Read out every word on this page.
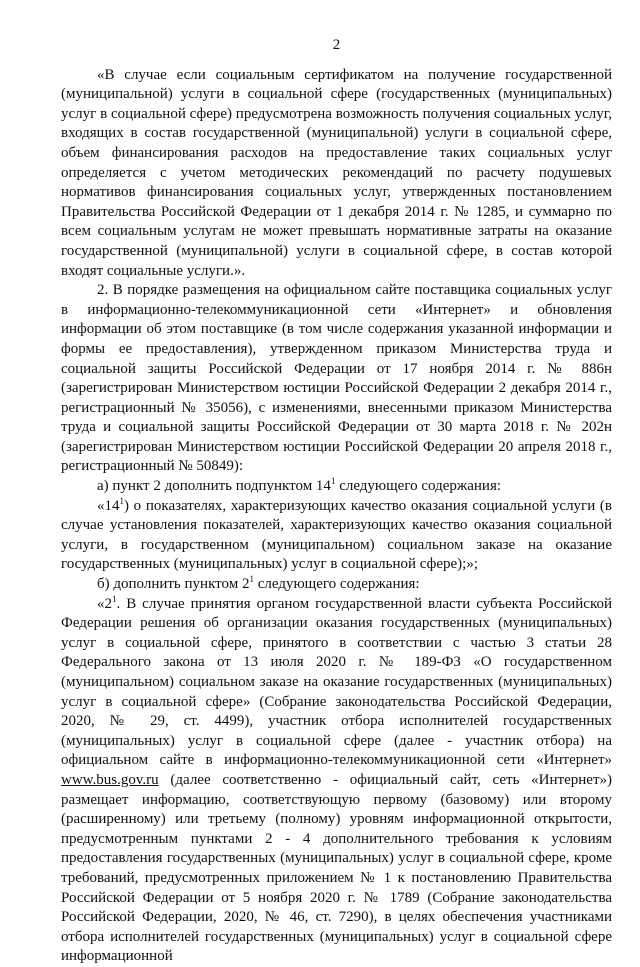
2

«В случае если социальным сертификатом на получение государственной (муниципальной) услуги в социальной сфере (государственных (муниципальных) услуг в социальной сфере) предусмотрена возможность получения социальных услуг, входящих в состав государственной (муниципальной) услуги в социальной сфере, объем финансирования расходов на предоставление таких социальных услуг определяется с учетом методических рекомендаций по расчету подушевых нормативов финансирования социальных услуг, утвержденных постановлением Правительства Российской Федерации от 1 декабря 2014 г. № 1285, и суммарно по всем социальным услугам не может превышать нормативные затраты на оказание государственной (муниципальной) услуги в социальной сфере, в состав которой входят социальные услуги.».

2. В порядке размещения на официальном сайте поставщика социальных услуг в информационно-телекоммуникационной сети «Интернет» и обновления информации об этом поставщике (в том числе содержания указанной информации и формы ее предоставления), утвержденном приказом Министерства труда и социальной защиты Российской Федерации от 17 ноября 2014 г. № 886н (зарегистрирован Министерством юстиции Российской Федерации 2 декабря 2014 г., регистрационный № 35056), с изменениями, внесенными приказом Министерства труда и социальной защиты Российской Федерации от 30 марта 2018 г. № 202н (зарегистрирован Министерством юстиции Российской Федерации 20 апреля 2018 г., регистрационный № 50849):

а) пункт 2 дополнить подпунктом $14^1$ следующего содержания:

«$14^1$) о показателях, характеризующих качество оказания социальной услуги (в случае установления показателей, характеризующих качество оказания социальной услуги, в государственном (муниципальном) социальном заказе на оказание государственных (муниципальных) услуг в социальной сфере);»;

б) дополнить пунктом $2^1$ следующего содержания:

«$2^1$. В случае принятия органом государственной власти субъекта Российской Федерации решения об организации оказания государственных (муниципальных) услуг в социальной сфере, принятого в соответствии с частью 3 статьи 28 Федерального закона от 13 июля 2020 г. № 189-ФЗ «О государственном (муниципальном) социальном заказе на оказание государственных (муниципальных) услуг в социальной сфере» (Собрание законодательства Российской Федерации, 2020, № 29, ст. 4499), участник отбора исполнителей государственных (муниципальных) услуг в социальной сфере (далее - участник отбора) на официальном сайте в информационно-телекоммуникационной сети «Интернет» www.bus.gov.ru (далее соответственно - официальный сайт, сеть «Интернет») размещает информацию, соответствующую первому (базовому) или второму (расширенному) или третьему (полному) уровням информационной открытости, предусмотренным пунктами 2 - 4 дополнительного требования к условиям предоставления государственных (муниципальных) услуг в социальной сфере, кроме требований, предусмотренных приложением № 1 к постановлению Правительства Российской Федерации от 5 ноября 2020 г. № 1789 (Собрание законодательства Российской Федерации, 2020, № 46, ст. 7290), в целях обеспечения участниками отбора исполнителей государственных (муниципальных) услуг в социальной сфере информационной
